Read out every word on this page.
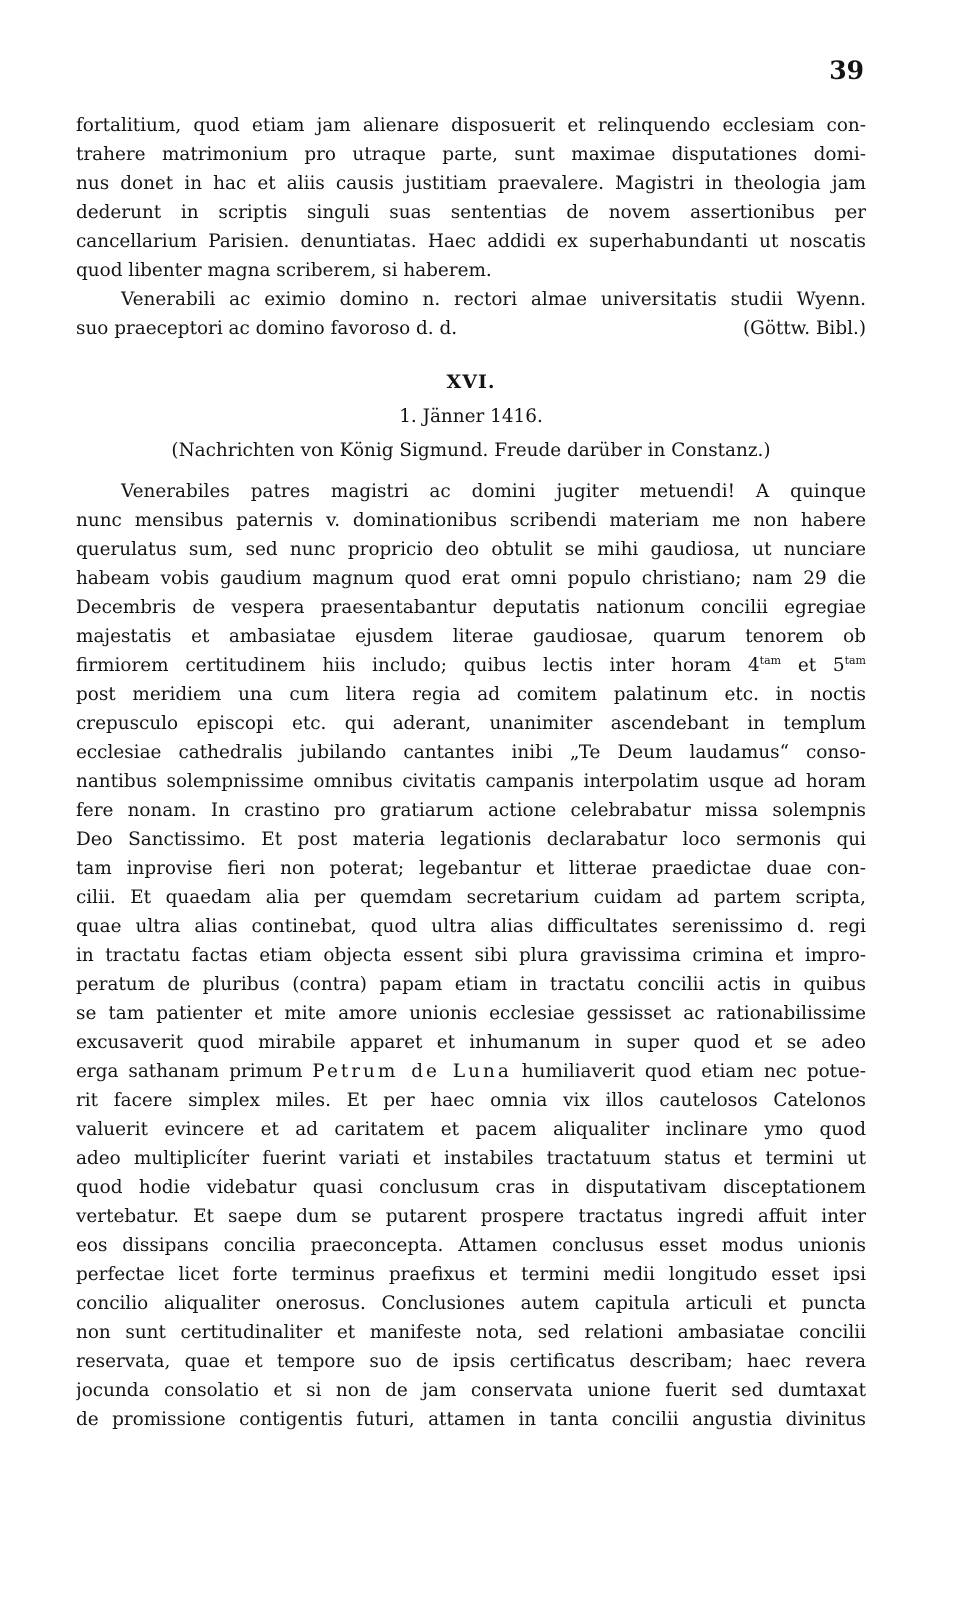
39
fortalitium, quod etiam jam alienare disposuerit et relinquendo ecclesiam con-
trahere matrimonium pro utraque parte, sunt maximae disputationes domi-
nus donet in hac et aliis causis justitiam praevalere. Magistri in theologia jam
dederunt in scriptis singuli suas sententias de novem assertionibus per
cancellarium Parisien. denuntiatas. Haec addidi ex superhabundanti ut noscatis
quod libenter magna scriberem, si haberem.
Venerabili ac eximio domino n. rectori almae universitatis studii Wyenn.
suo praeceptori ac domino favoroso d. d.	(Göttw. Bibl.)
XVI.
1. Jänner 1416.
(Nachrichten von König Sigmund. Freude darüber in Constanz.)
Venerabiles patres magistri ac domini jugiter metuendi! A quinque
nunc mensibus paternis v. dominationibus scribendi materiam me non habere
querulatus sum, sed nunc propricio deo obtulit se mihi gaudiosa, ut nunciare
habeam vobis gaudium magnum quod erat omni populo christiano; nam 29 die
Decembris de vespera praesentabantur deputatis nationum concilii egregiae
majestatis et ambasiatae ejusdem literae gaudiosae, quarum tenorem ob
firmiorem certitudinem hiis includo; quibus lectis inter horam $4^{tam}$ et $5^{tam}$
post meridiem una cum litera regia ad comitem palatinum etc. in noctis
crepusculo episcopi etc. qui aderant, unanimiter ascendebant in templum
ecclesiae cathedralis jubilando cantantes inibi „Te Deum laudamus“ conso-
nantibus solempnissime omnibus civitatis campanis interpolatim usque ad horam
fere nonam. In crastino pro gratiarum actione celebrabatur missa solempnis
Deo Sanctissimo. Et post materia legationis declarabatur loco sermonis qui
tam inprovise fieri non poterat; legebantur et litterae praedictae duae con-
cilii. Et quaedam alia per quemdam secretarium cuidam ad partem scripta,
quae ultra alias continebat, quod ultra alias difficultates serenissimo d. regi
in tractatu factas etiam objecta essent sibi plura gravissima crimina et impro-
peratum de pluribus (contra) papam etiam in tractatu concilii actis in quibus
se tam patienter et mite amore unionis ecclesiae gessisset ac rationabilissime
excusaverit quod mirabile apparet et inhumanum in super quod et se adeo
erga sathanam primum Petrum de Luna humiliaverit quod etiam nec potue-
rit facere simplex miles. Et per haec omnia vix illos cautelosos Catelonos
valuerit evincere et ad caritatem et pacem aliqualiter inclinare ymo quod
adeo multiplicíter fuerint variati et instabiles tractatuum status et termini ut
quod hodie videbatur quasi conclusum cras in disputativam disceptationem
vertebatur. Et saepe dum se putarent prospere tractatus ingredi affuit inter
eos dissipans concilia praeconcepta. Attamen conclusus esset modus unionis
perfectae licet forte terminus praefixus et termini medii longitudo esset ipsi
concilio aliqualiter onerosus. Conclusiones autem capitula articuli et puncta
non sunt certitudinaliter et manifeste nota, sed relationi ambasiatae concilii
reservata, quae et tempore suo de ipsis certificatus describam; haec revera
jocunda consolatio et si non de jam conservata unione fuerit sed dumtaxat
de promissione contigentis futuri, attamen in tanta concilii angustia divinitus
